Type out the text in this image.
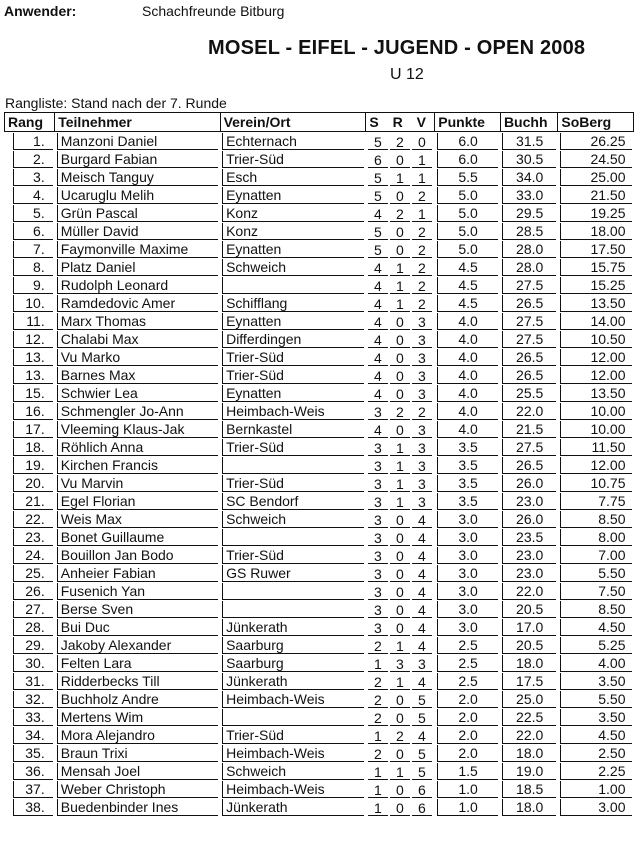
Anwender:	Schachfreunde Bitburg
MOSEL - EIFEL - JUGEND - OPEN 2008
U 12
Rangliste: Stand nach der 7. Runde
Rang	Teilnehmer	Verein/Ort	S R V	Punkte	Buchh	SoBerg

1.	Manzoni Daniel	Echternach	5 2 0	6.0	31.5	26.25

2.	Burgard Fabian	Trier-Süd	6 0 1	6.0	30.5	24.50

3.	Meisch Tanguy	Esch	5 1 1	5.5	34.0	25.00

4.	Ucaruglu Melih	Eynatten	5 0 2	5.0	33.0	21.50

5.	Grün Pascal	Konz	4 2 1	5.0	29.5	19.25

6.	Müller David	Konz	5 0 2	5.0	28.5	18.00

7.	Faymonville Maxime	Eynatten	5 0 2	5.0	28.0	17.50

8.	Platz Daniel	Schweich	4 1 2	4.5	28.0	15.75

9.	Rudolph Leonard		4 1 2	4.5	27.5	15.25

10.	Ramdedovic Amer	Schifflang	4 1 2	4.5	26.5	13.50

11.	Marx Thomas	Eynatten	4 0 3	4.0	27.5	14.00

12.	Chalabi Max	Differdingen	4 0 3	4.0	27.5	10.50

13.	Vu Marko	Trier-Süd	4 0 3	4.0	26.5	12.00

13.	Barnes Max	Trier-Süd	4 0 3	4.0	26.5	12.00

15.	Schwier Lea	Eynatten	4 0 3	4.0	25.5	13.50

16.	Schmengler Jo-Ann	Heimbach-Weis	3 2 2	4.0	22.0	10.00

17.	Vleeming Klaus-Jak	Bernkastel	4 0 3	4.0	21.5	10.00

18.	Röhlich Anna	Trier-Süd	3 1 3	3.5	27.5	11.50

19.	Kirchen Francis		3 1 3	3.5	26.5	12.00

20.	Vu Marvin	Trier-Süd	3 1 3	3.5	26.0	10.75

21.	Egel Florian	SC Bendorf	3 1 3	3.5	23.0	7.75

22.	Weis Max	Schweich	3 0 4	3.0	26.0	8.50

23.	Bonet Guillaume		3 0 4	3.0	23.5	8.00

24.	Bouillon Jan Bodo	Trier-Süd	3 0 4	3.0	23.0	7.00

25.	Anheier Fabian	GS Ruwer	3 0 4	3.0	23.0	5.50

26.	Fusenich Yan		3 0 4	3.0	22.0	7.50

27.	Berse Sven		3 0 4	3.0	20.5	8.50

28.	Bui Duc	Jünkerath	3 0 4	3.0	17.0	4.50

29.	Jakoby Alexander	Saarburg	2 1 4	2.5	20.5	5.25

30.	Felten Lara	Saarburg	1 3 3	2.5	18.0	4.00

31.	Ridderbecks Till	Jünkerath	2 1 4	2.5	17.5	3.50

32.	Buchholz Andre	Heimbach-Weis	2 0 5	2.0	25.0	5.50

33.	Mertens Wim		2 0 5	2.0	22.5	3.50

34.	Mora Alejandro	Trier-Süd	1 2 4	2.0	22.0	4.50

35.	Braun Trixi	Heimbach-Weis	2 0 5	2.0	18.0	2.50

36.	Mensah Joel	Schweich	1 1 5	1.5	19.0	2.25

37.	Weber Christoph	Heimbach-Weis	1 0 6	1.0	18.5	1.00

38.	Buedenbinder Ines	Jünkerath	1 0 6	1.0	18.0	3.00
